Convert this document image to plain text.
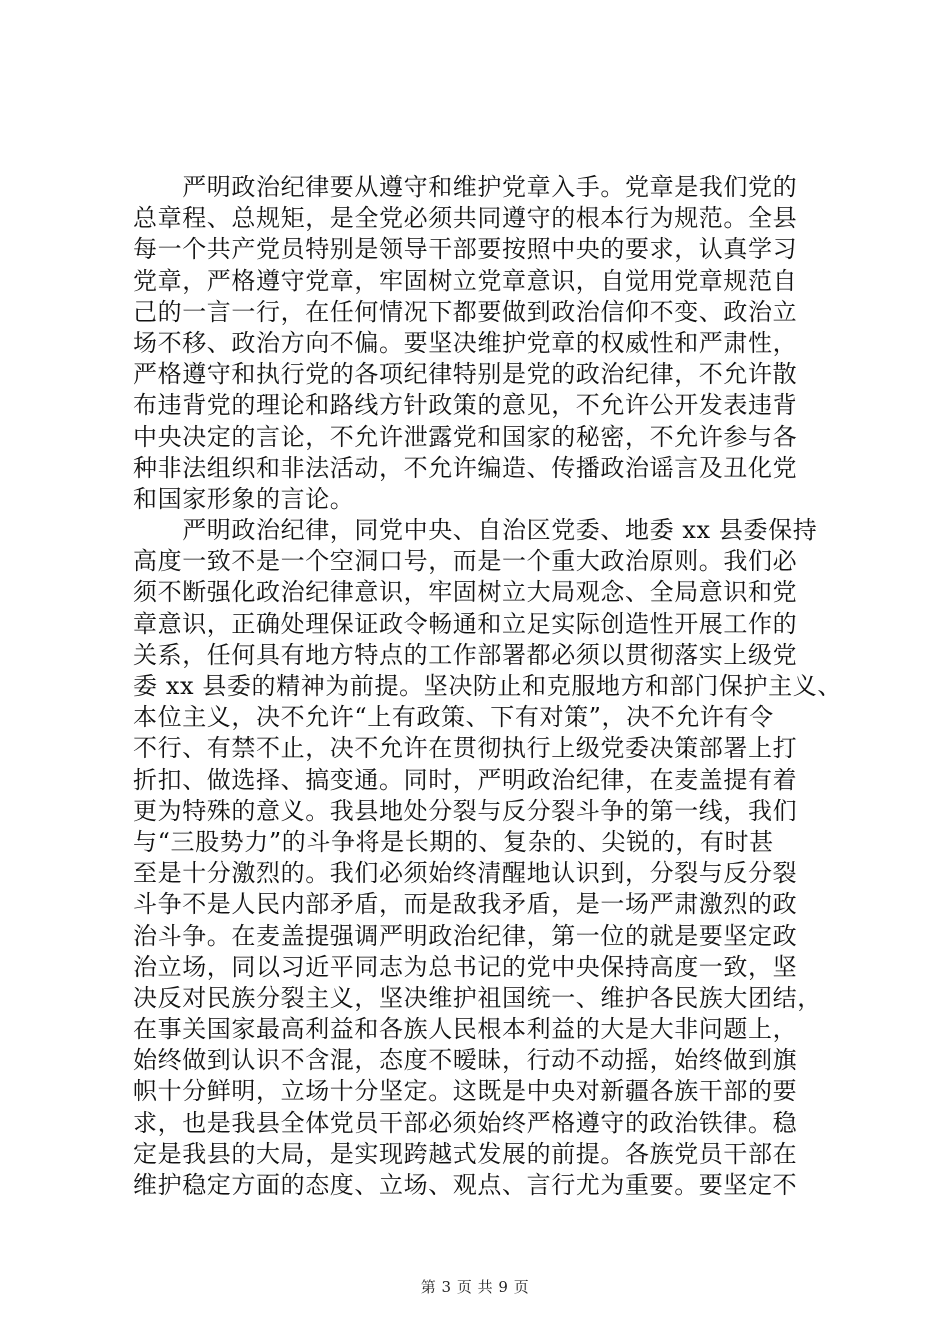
　　严明政治纪律要从遵守和维护党章入手。党章是我们党的
总章程、总规矩，是全党必须共同遵守的根本行为规范。全县
每一个共产党员特别是领导干部要按照中央的要求，认真学习
党章，严格遵守党章，牢固树立党章意识，自觉用党章规范自
己的一言一行，在任何情况下都要做到政治信仰不变、政治立
场不移、政治方向不偏。要坚决维护党章的权威性和严肃性，
严格遵守和执行党的各项纪律特别是党的政治纪律，不允许散
布违背党的理论和路线方针政策的意见，不允许公开发表违背
中央决定的言论，不允许泄露党和国家的秘密，不允许参与各
种非法组织和非法活动，不允许编造、传播政治谣言及丑化党
和国家形象的言论。
　　严明政治纪律，同党中央、自治区党委、地委 xx 县委保持
高度一致不是一个空洞口号，而是一个重大政治原则。我们必
须不断强化政治纪律意识，牢固树立大局观念、全局意识和党
章意识，正确处理保证政令畅通和立足实际创造性开展工作的
关系，任何具有地方特点的工作部署都必须以贯彻落实上级党
委 xx 县委的精神为前提。坚决防止和克服地方和部门保护主义、
本位主义，决不允许“上有政策、下有对策”，决不允许有令
不行、有禁不止，决不允许在贯彻执行上级党委决策部署上打
折扣、做选择、搞变通。同时，严明政治纪律，在麦盖提有着
更为特殊的意义。我县地处分裂与反分裂斗争的第一线，我们
与“三股势力”的斗争将是长期的、复杂的、尖锐的，有时甚
至是十分激烈的。我们必须始终清醒地认识到，分裂与反分裂
斗争不是人民内部矛盾，而是敌我矛盾，是一场严肃激烈的政
治斗争。在麦盖提强调严明政治纪律，第一位的就是要坚定政
治立场，同以习近平同志为总书记的党中央保持高度一致，坚
决反对民族分裂主义，坚决维护祖国统一、维护各民族大团结，
在事关国家最高利益和各族人民根本利益的大是大非问题上，
始终做到认识不含混，态度不暧昧，行动不动摇，始终做到旗
帜十分鲜明，立场十分坚定。这既是中央对新疆各族干部的要
求，也是我县全体党员干部必须始终严格遵守的政治铁律。稳
定是我县的大局，是实现跨越式发展的前提。各族党员干部在
维护稳定方面的态度、立场、观点、言行尤为重要。要坚定不
第 3 页 共 9 页
